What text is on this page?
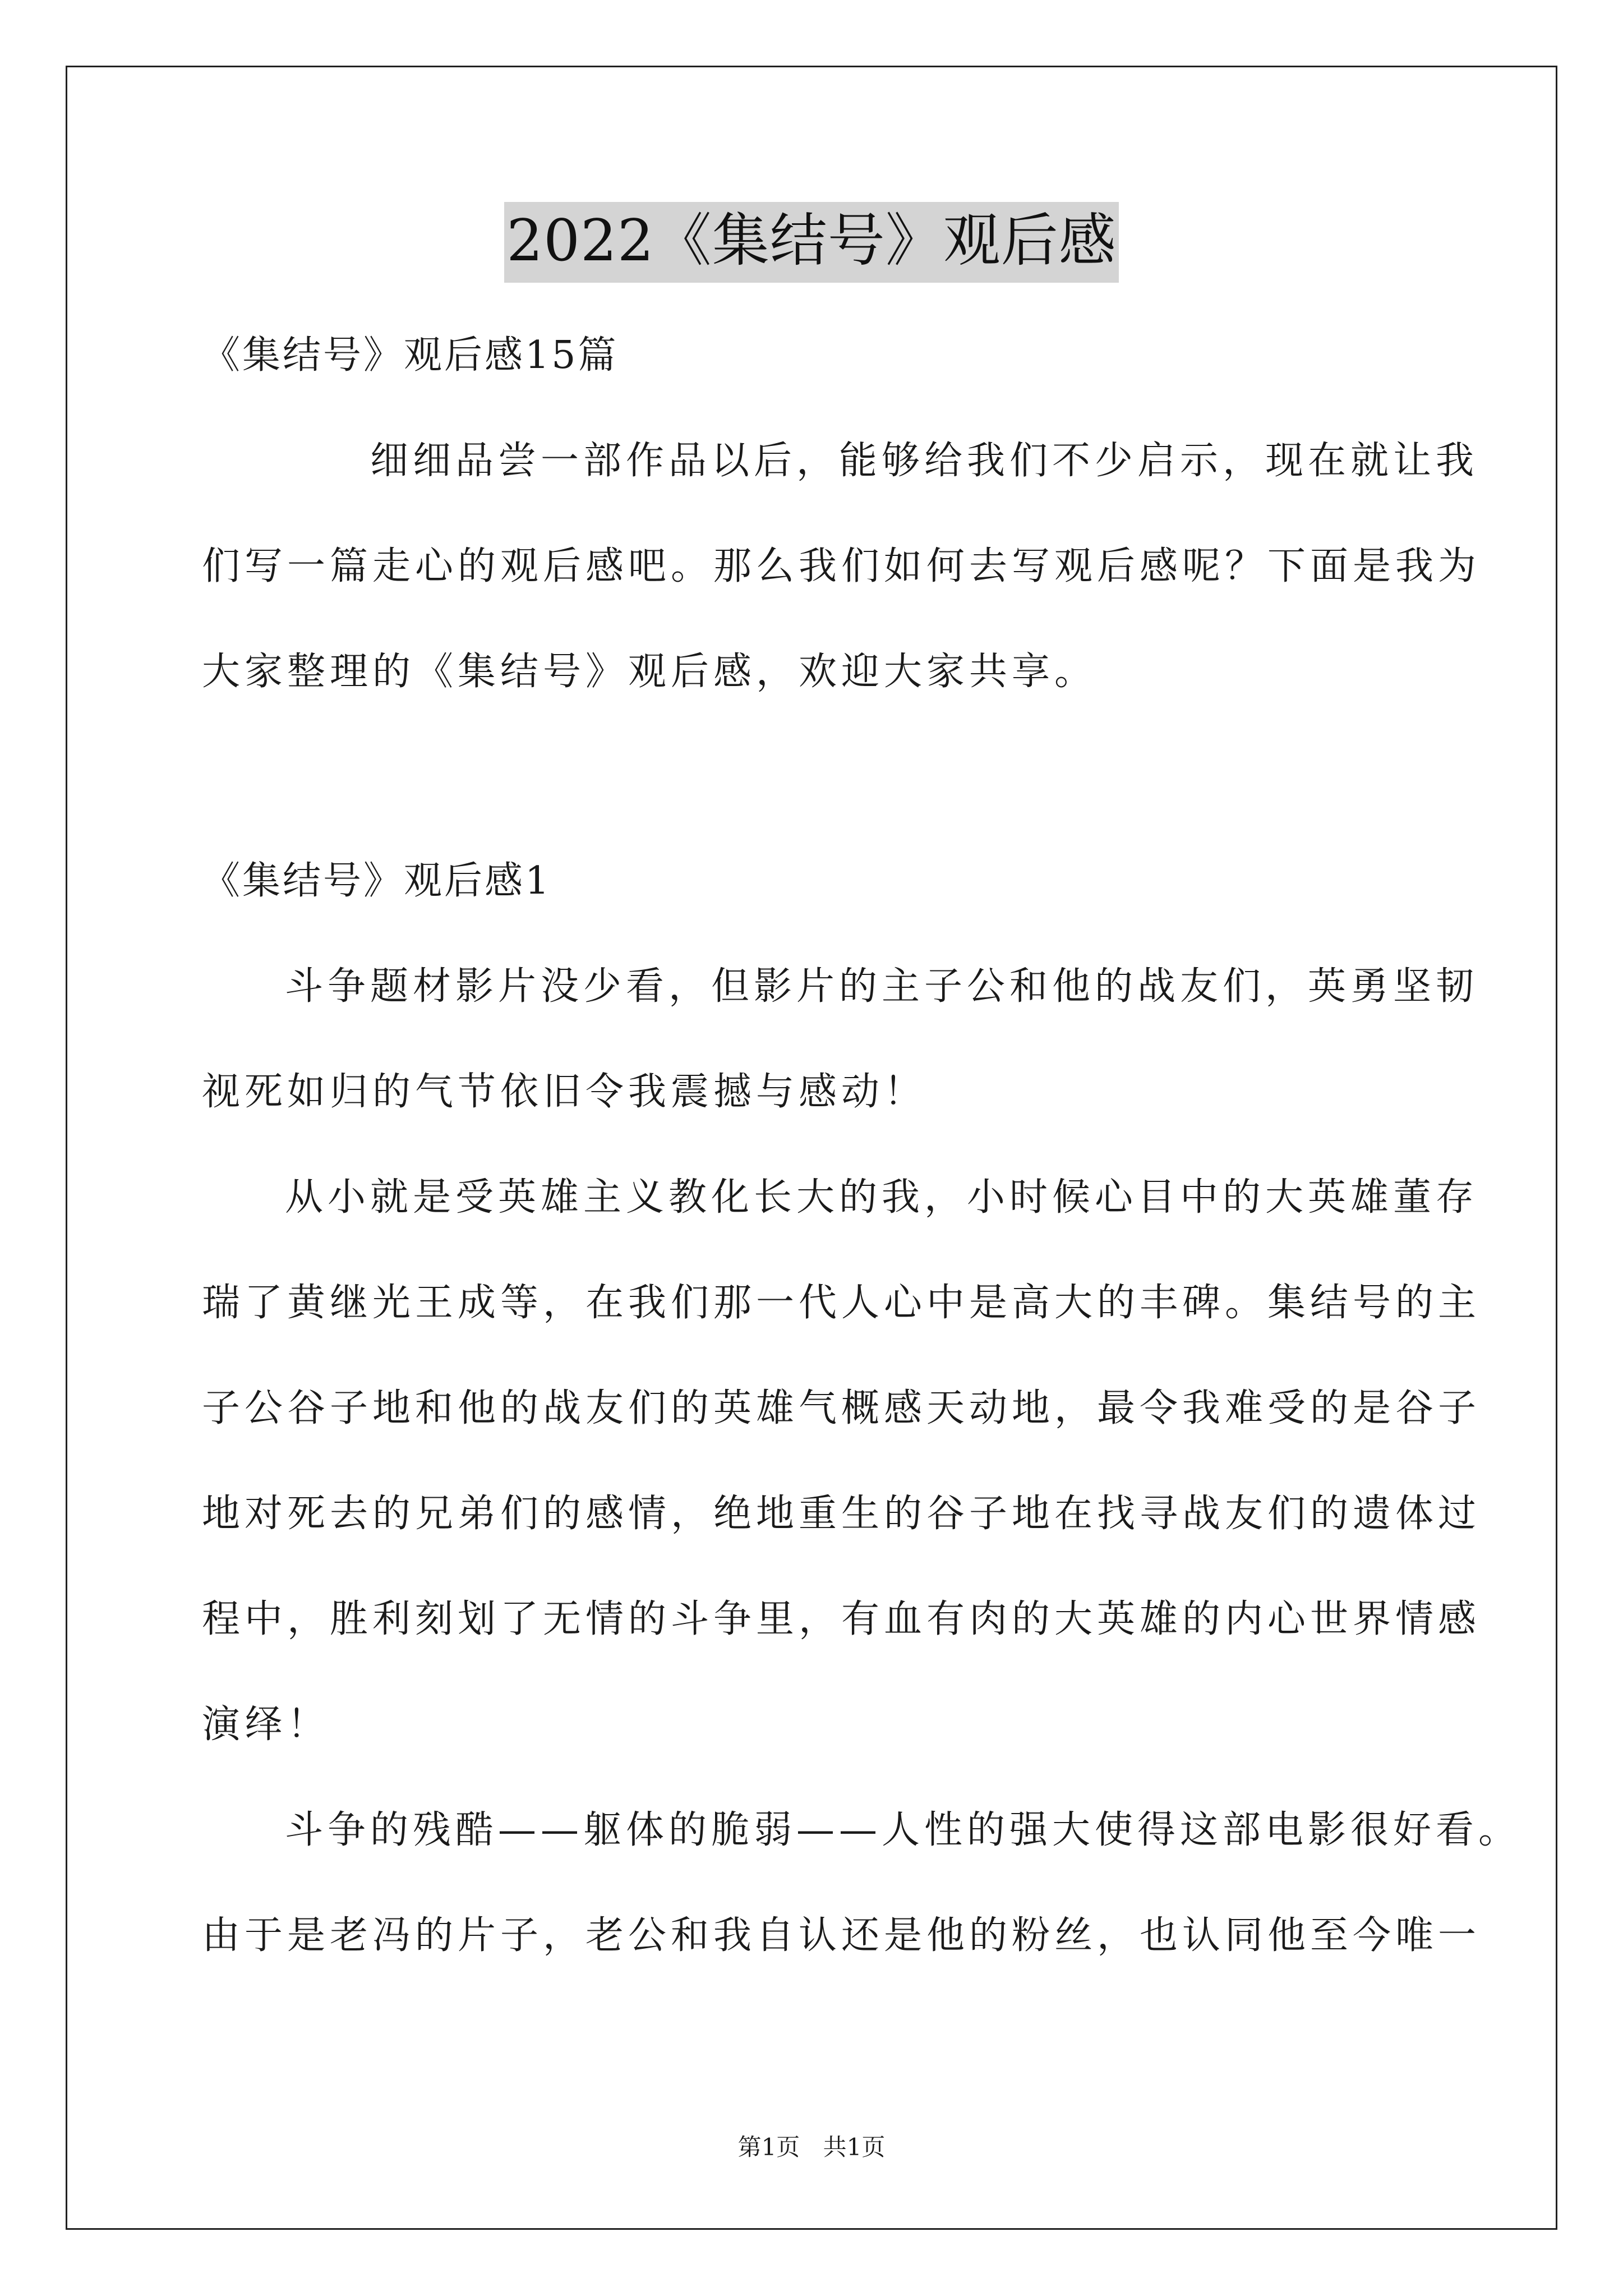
2022《集结号》观后感
《集结号》观后感15篇
细细品尝一部作品以后，能够给我们不少启示，现在就让我
们写一篇走心的观后感吧。那么我们如何去写观后感呢？下面是我为
大家整理的《集结号》观后感，欢迎大家共享。
《集结号》观后感1
斗争题材影片没少看，但影片的主子公和他的战友们，英勇坚韧
视死如归的气节依旧令我震撼与感动！
从小就是受英雄主义教化长大的我，小时候心目中的大英雄董存
瑞了黄继光王成等，在我们那一代人心中是高大的丰碑。集结号的主
子公谷子地和他的战友们的英雄气概感天动地，最令我难受的是谷子
地对死去的兄弟们的感情，绝地重生的谷子地在找寻战友们的遗体过
程中，胜利刻划了无情的斗争里，有血有肉的大英雄的内心世界情感
演绎！
斗争的残酷——躯体的脆弱——人性的强大使得这部电影很好看。
由于是老冯的片子，老公和我自认还是他的粉丝，也认同他至今唯一
第1页 共1页
